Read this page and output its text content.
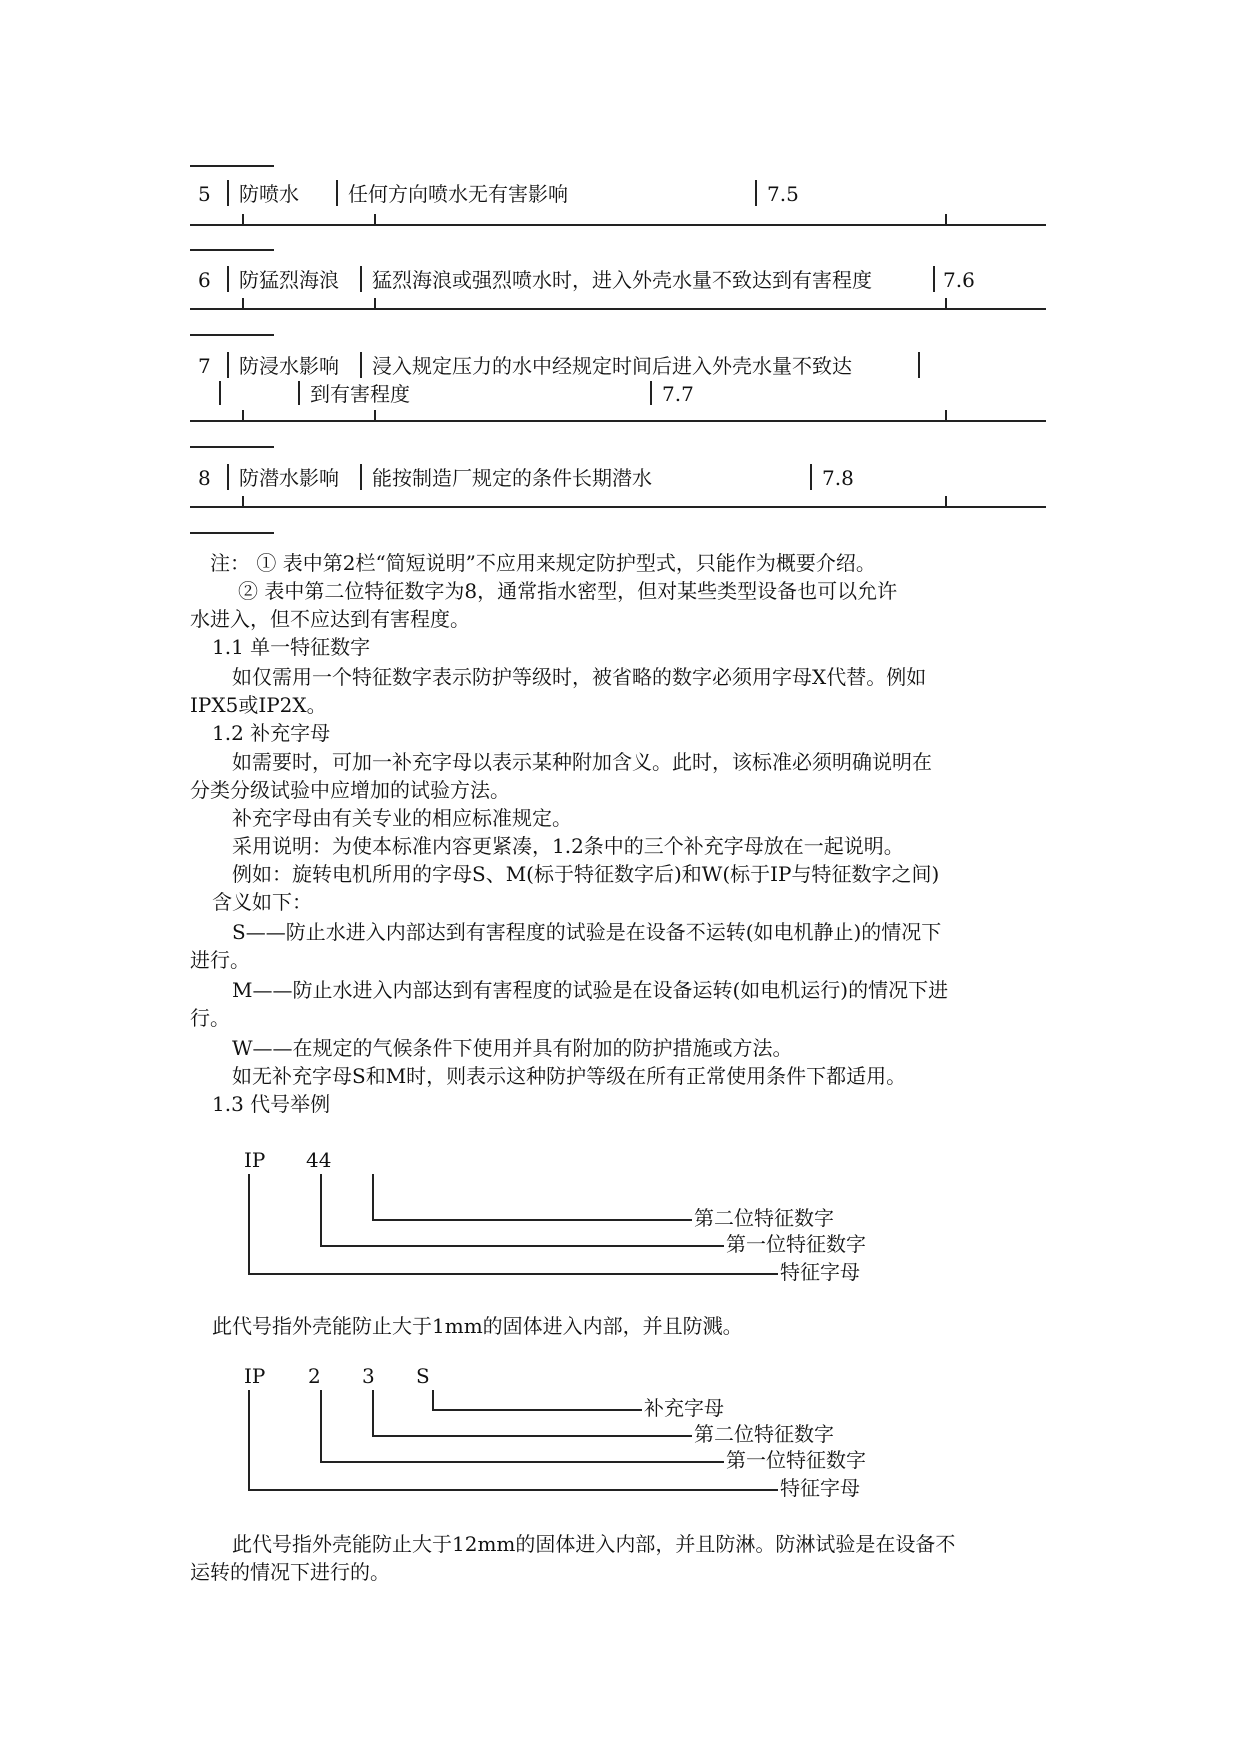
5 防喷水 任何方向喷水无有害影响	7.5
6 防猛烈海浪 猛烈海浪或强烈喷水时，进入外壳水量不致达到有害程度	7.6
7 防浸水影响 浸入规定压力的水中经规定时间后进入外壳水量不致达
到有害程度	7.7
8 防潜水影响 能按制造厂规定的条件长期潜水	7.8
注： ① 表中第2栏“简短说明”不应用来规定防护型式，只能作为概要介绍。
② 表中第二位特征数字为8，通常指水密型，但对某些类型设备也可以允许
水进入，但不应达到有害程度。
1.1 单一特征数字
如仅需用一个特征数字表示防护等级时，被省略的数字必须用字母X代替。例如
IPX5或IP2X。
1.2 补充字母
如需要时，可加一补充字母以表示某种附加含义。此时，该标准必须明确说明在
分类分级试验中应增加的试验方法。
补充字母由有关专业的相应标准规定。
采用说明：为使本标准内容更紧凑，1.2条中的三个补充字母放在一起说明。
例如：旋转电机所用的字母S、M(标于特征数字后)和W(标于IP与特征数字之间)
含义如下：
S——防止水进入内部达到有害程度的试验是在设备不运转(如电机静止)的情况下
进行。
M——防止水进入内部达到有害程度的试验是在设备运转(如电机运行)的情况下进
行。
W——在规定的气候条件下使用并具有附加的防护措施或方法。
如无补充字母S和M时，则表示这种防护等级在所有正常使用条件下都适用。
1.3 代号举例
IP 44
第二位特征数字
第一位特征数字
特征字母
此代号指外壳能防止大于1mm的固体进入内部，并且防溅。
IP 2 3 S
补充字母
第二位特征数字
第一位特征数字
特征字母
此代号指外壳能防止大于12mm的固体进入内部，并且防淋。防淋试验是在设备不
运转的情况下进行的。
